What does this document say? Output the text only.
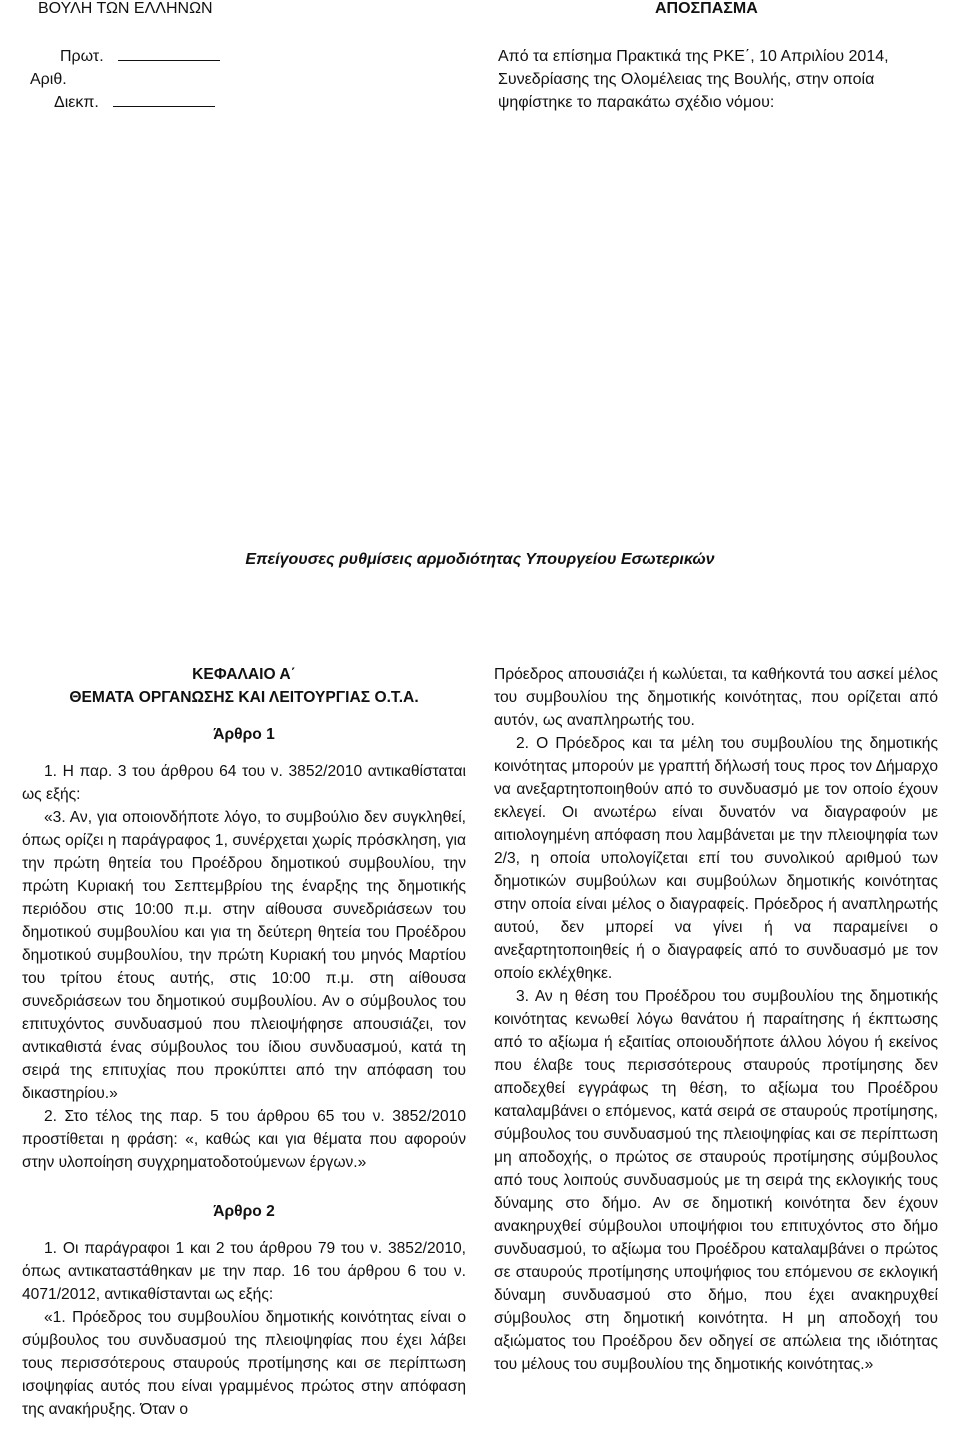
ΒΟΥΛΗ ΤΩΝ ΕΛΛΗΝΩΝ	ΑΠΟΣΠΑΣΜΑ
Πρωτ.
Αριθ.
Διεκπ.
Από τα επίσημα Πρακτικά της ΡΚΕ΄, 10 Απριλίου 2014, Συνεδρίασης της Ολομέλειας της Βουλής, στην οποία ψηφίστηκε το παρακάτω σχέδιο νόμου:
Επείγουσες ρυθμίσεις αρμοδιότητας Υπουργείου Εσωτερικών

ΚΕΦΑΛΑΙΟ Α΄

ΘΕΜΑΤΑ ΟΡΓΑΝΩΣΗΣ ΚΑΙ ΛΕΙΤΟΥΡΓΙΑΣ Ο.Τ.Α.

Άρθρο 1

1. Η παρ. 3 του άρθρου 64 του ν. 3852/2010 αντικαθίσταται ως εξής:

«3. Αν, για οποιονδήποτε λόγο, το συμβούλιο δεν συγκληθεί, όπως ορίζει η παράγραφος 1, συνέρχεται χωρίς πρόσκληση, για την πρώτη θητεία του Προέδρου δημοτικού συμβουλίου, την πρώτη Κυριακή του Σεπτεμβρίου της έναρξης της δημοτικής περιόδου στις 10:00 π.μ. στην αίθουσα συνεδριάσεων του δημοτικού συμβουλίου και για τη δεύτερη θητεία του Προέδρου δημοτικού συμβουλίου, την πρώτη Κυριακή του μηνός Μαρτίου του τρίτου έτους αυτής, στις 10:00 π.μ. στη αίθουσα συνεδριάσεων του δημοτικού συμβουλίου. Αν ο σύμβουλος του επιτυχόντος συνδυασμού που πλειοψήφησε απουσιάζει, τον αντικαθιστά ένας σύμβουλος του ίδιου συνδυασμού, κατά τη σειρά της επιτυχίας που προκύπτει από την απόφαση του δικαστηρίου.»

2. Στο τέλος της παρ. 5 του άρθρου 65 του ν. 3852/2010 προστίθεται η φράση: «, καθώς και για θέματα που αφορούν στην υλοποίηση συγχρηματοδοτούμενων έργων.»

Άρθρο 2

1. Οι παράγραφοι 1 και 2 του άρθρου 79 του ν. 3852/2010, όπως αντικαταστάθηκαν με την παρ. 16 του άρθρου 6 του ν. 4071/2012, αντικαθίστανται ως εξής:

«1. Πρόεδρος του συμβουλίου δημοτικής κοινότητας είναι ο σύμβουλος του συνδυασμού της πλειοψηφίας που έχει λάβει τους περισσότερους σταυρούς προτίμησης και σε περίπτωση ισοψηφίας αυτός που είναι γραμμένος πρώτος στην απόφαση της ανακήρυξης. Όταν ο

Πρόεδρος απουσιάζει ή κωλύεται, τα καθήκοντά του ασκεί μέλος του συμβουλίου της δημοτικής κοινότητας, που ορίζεται από αυτόν, ως αναπληρωτής του.

2. Ο Πρόεδρος και τα μέλη του συμβουλίου της δημοτικής κοινότητας μπορούν με γραπτή δήλωσή τους προς τον Δήμαρχο να ανεξαρτητοποιηθούν από το συνδυασμό με τον οποίο έχουν εκλεγεί. Οι ανωτέρω είναι δυνατόν να διαγραφούν με αιτιολογημένη απόφαση που λαμβάνεται με την πλειοψηφία των 2/3, η οποία υπολογίζεται επί του συνολικού αριθμού των δημοτικών συμβούλων και συμβούλων δημοτικής κοινότητας στην οποία είναι μέλος ο διαγραφείς. Πρόεδρος ή αναπληρωτής αυτού, δεν μπορεί να γίνει ή να παραμείνει ο ανεξαρτητοποιηθείς ή ο διαγραφείς από το συνδυασμό με τον οποίο εκλέχθηκε.

3. Αν η θέση του Προέδρου του συμβουλίου της δημοτικής κοινότητας κενωθεί λόγω θανάτου ή παραίτησης ή έκπτωσης από το αξίωμα ή εξαιτίας οποιουδήποτε άλλου λόγου ή εκείνος που έλαβε τους περισσότερους σταυρούς προτίμησης δεν αποδεχθεί εγγράφως τη θέση, το αξίωμα του Προέδρου καταλαμβάνει ο επόμενος, κατά σειρά σε σταυρούς προτίμησης, σύμβουλος του συνδυασμού της πλειοψηφίας και σε περίπτωση μη αποδοχής, ο πρώτος σε σταυρούς προτίμησης σύμβουλος από τους λοιπούς συνδυασμούς με τη σειρά της εκλογικής τους δύναμης στο δήμο. Αν σε δημοτική κοινότητα δεν έχουν ανακηρυχθεί σύμβουλοι υποψήφιοι του επιτυχόντος στο δήμο συνδυασμού, το αξίωμα του Προέδρου καταλαμβάνει ο πρώτος σε σταυρούς προτίμησης υποψήφιος του επόμενου σε εκλογική δύναμη συνδυασμού στο δήμο, που έχει ανακηρυχθεί σύμβουλος στη δημοτική κοινότητα. Η μη αποδοχή του αξιώματος του Προέδρου δεν οδηγεί σε απώλεια της ιδιότητας του μέλους του συμβουλίου της δημοτικής κοινότητας.»
